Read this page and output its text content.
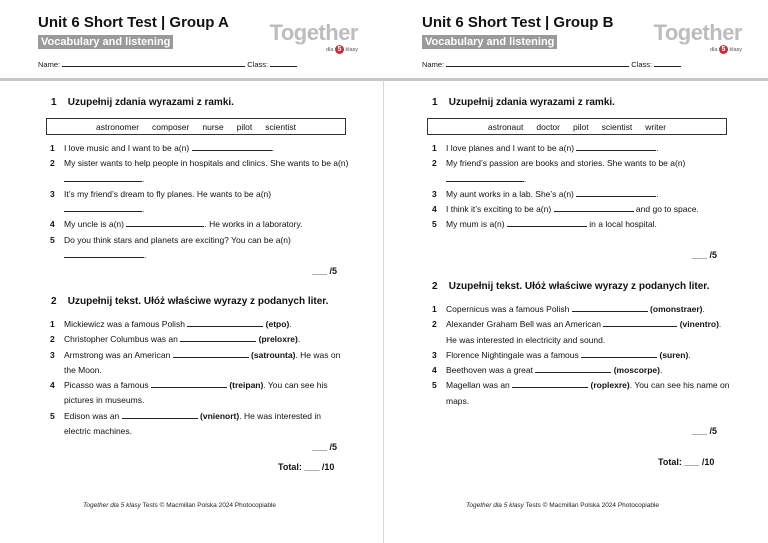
Unit 6 Short Test | Group A
Vocabulary and listening	Together
dla 5 klasy
Name:	Class:
1 Uzupełnij zdania wyrazami z ramki.
astronomer composer nurse pilot scientist
1 I love music and I want to be a(n)	.
2 My sister wants to help people in hospitals and clinics. She wants to be a(n) .
3 It’s my friend’s dream to fly planes. He wants to be a(n) .
4 My uncle is a(n)	. He works in a laboratory.
5 Do you think stars and planets are exciting? You can be a(n) .
___ /5
2 Uzupełnij tekst. Ułóż właściwe wyrazy z podanych liter.
1 Mickiewicz was a famous Polish	(etpo).
2 Christopher Columbus was an	(preloxre).
3 Armstrong was an American	(satrounta). He was on the Moon.
4 Picasso was a famous	(treipan). You can see his pictures in museums.
5 Edison was an	(vnienort). He was interested in electric machines.
___ /5
Total: ___ /10
Together dla 5 klasy Tests © Macmillan Polska 2024 Photocopiable
Unit 6 Short Test | Group B
Vocabulary and listening	Together
dla 5 klasy
Name:	Class:
1 Uzupełnij zdania wyrazami z ramki.
astronaut doctor pilot scientist writer
1 I love planes and I want to be a(n)	.
2 My friend’s passion are books and stories. She wants to be a(n) .
3 My aunt works in a lab. She’s a(n)	.
4 I think it’s exciting to be a(n)	and go to space.
5 My mum is a(n)	in a local hospital.
___ /5
2 Uzupełnij tekst. Ułóż właściwe wyrazy z podanych liter.
1 Copernicus was a famous Polish	(omonstraer).
2 Alexander Graham Bell was an American	(vinentro). He was interested in electricity and sound.
3 Florence Nightingale was a famous	(suren).
4 Beethoven was a great	(moscorpe).
5 Magellan was an	(roplexre). You can see his name on maps.
___ /5
Total: ___ /10
Together dla 5 klasy Tests © Macmillan Polska 2024 Photocopiable
